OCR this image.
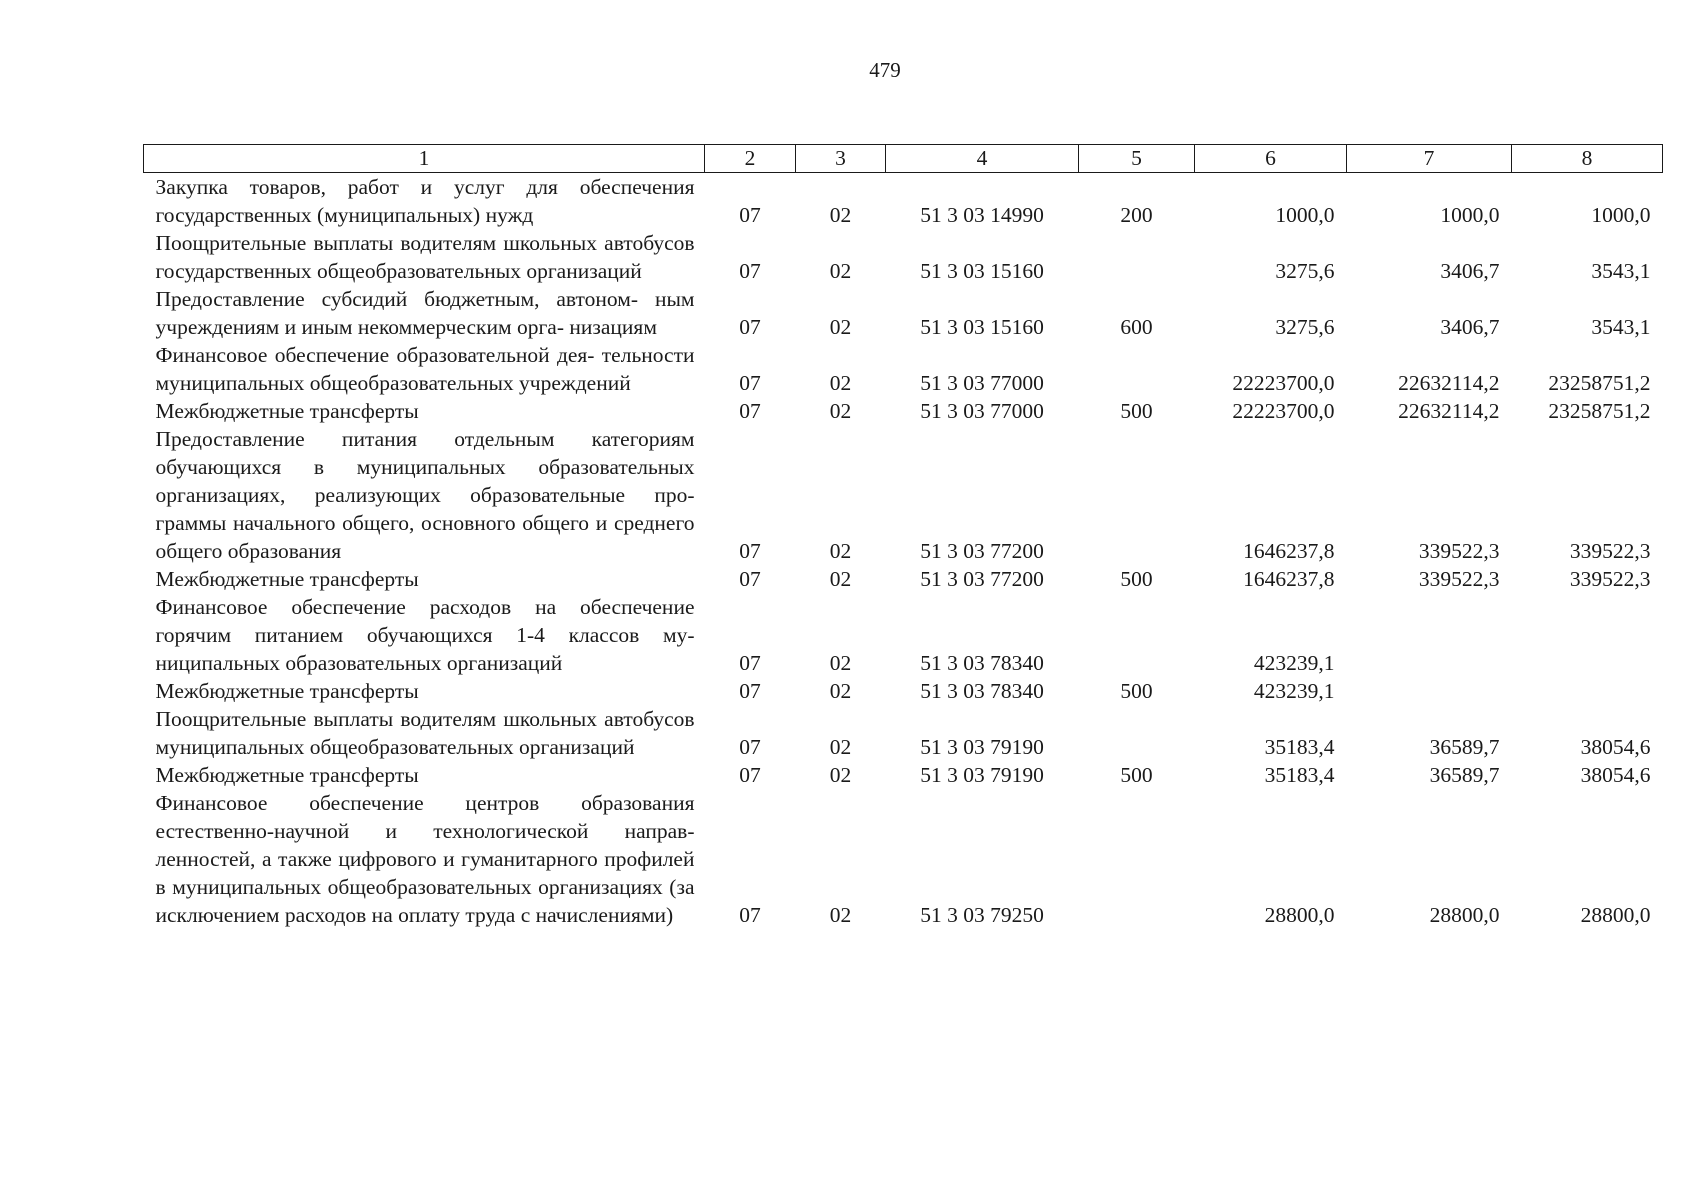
479
1	2	3	4	5	6	7	8
Закупка товаров, работ и услуг для обеспечения государственных (муниципальных) нужд	07	02	51 3 03 14990	200	1000,0	1000,0	1000,0
Поощрительные выплаты водителям школьных автобусов государственных общеобразовательных организаций	07	02	51 3 03 15160		3275,6	3406,7	3543,1
Предоставление субсидий бюджетным, автоном- ным учреждениям и иным некоммерческим орга- низациям	07	02	51 3 03 15160	600	3275,6	3406,7	3543,1
Финансовое обеспечение образовательной дея- тельности муниципальных общеобразовательных учреждений	07	02	51 3 03 77000		22223700,0	22632114,2	23258751,2
Межбюджетные трансферты	07	02	51 3 03 77000	500	22223700,0	22632114,2	23258751,2
Предоставление питания отдельным категориям обучающихся в муниципальных образовательных организациях, реализующих образовательные про- граммы начального общего, основного общего и среднего общего образования	07	02	51 3 03 77200		1646237,8	339522,3	339522,3
Межбюджетные трансферты	07	02	51 3 03 77200	500	1646237,8	339522,3	339522,3
Финансовое обеспечение расходов на обеспечение горячим питанием обучающихся 1-4 классов му- ниципальных образовательных организаций	07	02	51 3 03 78340		423239,1		
Межбюджетные трансферты	07	02	51 3 03 78340	500	423239,1		
Поощрительные выплаты водителям школьных автобусов муниципальных общеобразовательных организаций	07	02	51 3 03 79190		35183,4	36589,7	38054,6
Межбюджетные трансферты	07	02	51 3 03 79190	500	35183,4	36589,7	38054,6
Финансовое обеспечение центров образования естественно-научной и технологической направ- ленностей, а также цифрового и гуманитарного профилей в муниципальных общеобразовательных организациях (за исключением расходов на оплату труда с начислениями)	07	02	51 3 03 79250		28800,0	28800,0	28800,0
